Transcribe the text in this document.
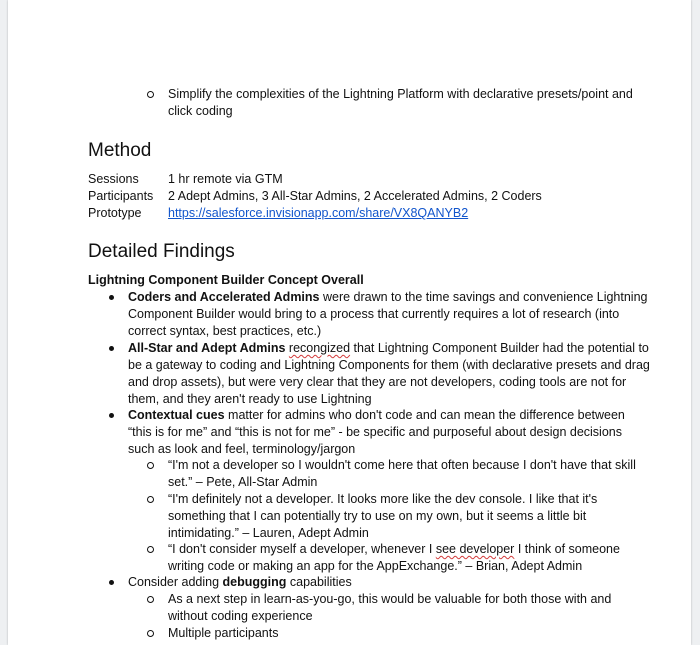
Simplify the complexities of the Lightning Platform with declarative presets/point and
click coding
Method
Sessions 1 hr remote via GTM
Participants 2 Adept Admins, 3 All-Star Admins, 2 Accelerated Admins, 2 Coders
Prototype https://salesforce.invisionapp.com/share/VX8QANYB2
Detailed Findings
Lightning Component Builder Concept Overall
Coders and Accelerated Admins were drawn to the time savings and convenience Lightning
Component Builder would bring to a process that currently requires a lot of research (into
correct syntax, best practices, etc.)
All-Star and Adept Admins recongized that Lightning Component Builder had the potential to
be a gateway to coding and Lightning Components for them (with declarative presets and drag
and drop assets), but were very clear that they are not developers, coding tools are not for
them, and they aren't ready to use Lightning
Contextual cues matter for admins who don't code and can mean the difference between
“this is for me” and “this is not for me” - be specific and purposeful about design decisions
such as look and feel, terminology/jargon
“I'm not a developer so I wouldn't come here that often because I don't have that skill
set.” – Pete, All-Star Admin
“I'm definitely not a developer. It looks more like the dev console. I like that it's
something that I can potentially try to use on my own, but it seems a little bit
intimidating.” – Lauren, Adept Admin
“I don't consider myself a developer, whenever I see developer I think of someone
writing code or making an app for the AppExchange.” – Brian, Adept Admin
Consider adding debugging capabilities
As a next step in learn-as-you-go, this would be valuable for both those with and
without coding experience
Multiple participants
